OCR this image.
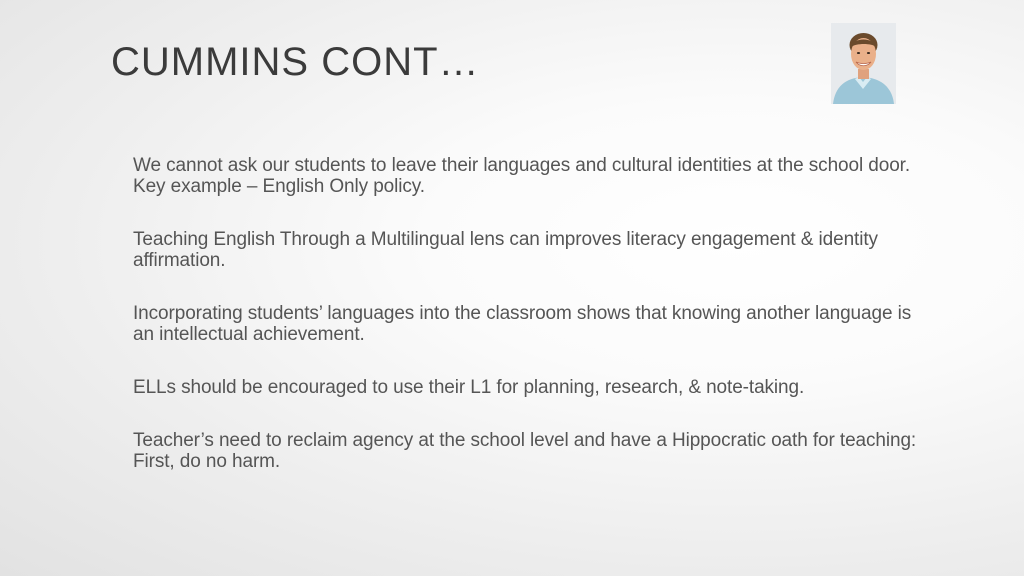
CUMMINS CONT…
We cannot ask our students to leave their languages and cultural identities at the school door. Key example – English Only policy.
Teaching English Through a Multilingual lens can improves literacy engagement & identity affirmation.
Incorporating students’ languages into the classroom shows that knowing another language is an intellectual achievement.
ELLs should be encouraged to use their L1 for planning, research, & note-taking.
Teacher’s need to reclaim agency at the school level and have a Hippocratic oath for teaching: First, do no harm.
